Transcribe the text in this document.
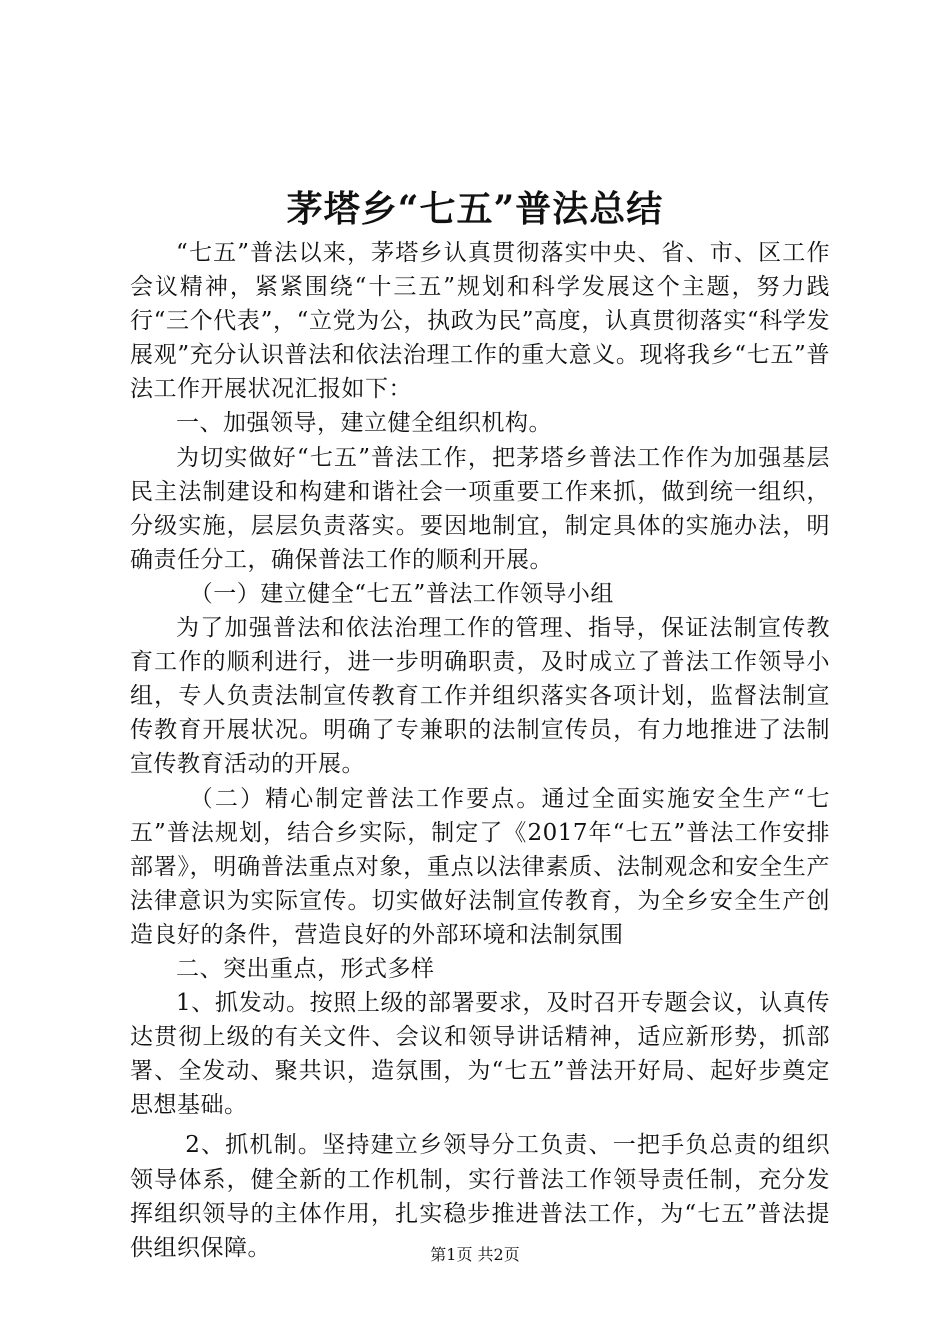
茅塔乡“七五”普法总结

“七五”普法以来，茅塔乡认真贯彻落实中央、省、市、区工作会议精神，紧紧围绕“十三五”规划和科学发展这个主题，努力践行“三个代表”，“立党为公，执政为民”高度，认真贯彻落实“科学发展观”充分认识普法和依法治理工作的重大意义。现将我乡“七五”普法工作开展状况汇报如下：

一、加强领导，建立健全组织机构。

为切实做好“七五”普法工作，把茅塔乡普法工作作为加强基层民主法制建设和构建和谐社会一项重要工作来抓，做到统一组织，分级实施，层层负责落实。要因地制宜，制定具体的实施办法，明确责任分工，确保普法工作的顺利开展。

（一）建立健全“七五”普法工作领导小组

为了加强普法和依法治理工作的管理、指导，保证法制宣传教育工作的顺利进行，进一步明确职责，及时成立了普法工作领导小组，专人负责法制宣传教育工作并组织落实各项计划，监督法制宣传教育开展状况。明确了专兼职的法制宣传员，有力地推进了法制宣传教育活动的开展。

（二）精心制定普法工作要点。通过全面实施安全生产“七五”普法规划，结合乡实际，制定了《2017年“七五”普法工作安排部署》，明确普法重点对象，重点以法律素质、法制观念和安全生产法律意识为实际宣传。切实做好法制宣传教育，为全乡安全生产创造良好的条件，营造良好的外部环境和法制氛围

二、突出重点，形式多样

1、抓发动。按照上级的部署要求，及时召开专题会议，认真传达贯彻上级的有关文件、会议和领导讲话精神，适应新形势，抓部署、全发动、聚共识，造氛围，为“七五”普法开好局、起好步奠定思想基础。

2、抓机制。坚持建立乡领导分工负责、一把手负总责的组织领导体系，健全新的工作机制，实行普法工作领导责任制，充分发挥组织领导的主体作用，扎实稳步推进普法工作，为“七五”普法提供组织保障。	第1页 共2页
